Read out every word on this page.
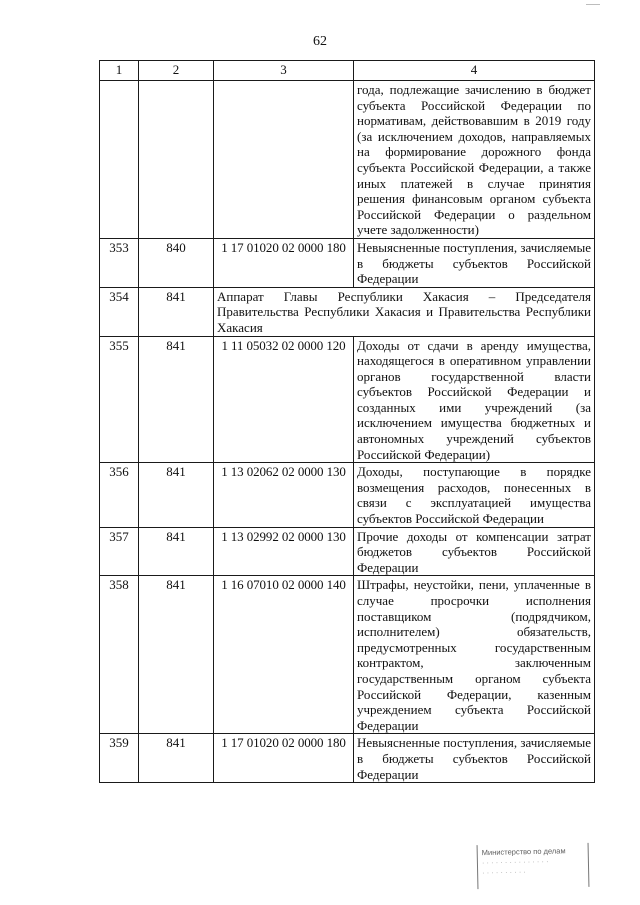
62
1	2	3	4
			года, подлежащие зачислению в бюджет субъекта Российской Федерации по нормативам, действовавшим в 2019 году (за исключением доходов, направляемых на формирование дорожного фонда субъекта Российской Федерации, а также иных платежей в случае принятия решения финансовым органом субъекта Российской Федерации о раздельном учете задолженности)
353	840	1 17 01020 02 0000 180	Невыясненные поступления, зачисляемые в бюджеты субъектов Российской Федерации
354	841	Аппарат Главы Республики Хакасия – Председателя Правительства Республики Хакасия и Правительства Республики Хакасия	
355	841	1 11 05032 02 0000 120	Доходы от сдачи в аренду имущества, находящегося в оперативном управлении органов государственной власти субъектов Российской Федерации и созданных ими учреждений (за исключением имущества бюджетных и автономных учреждений субъектов Российской Федерации)
356	841	1 13 02062 02 0000 130	Доходы, поступающие в порядке возмещения расходов, понесенных в связи с эксплуатацией имущества субъектов Российской Федерации
357	841	1 13 02992 02 0000 130	Прочие доходы от компенсации затрат бюджетов субъектов Российской Федерации
358	841	1 16 07010 02 0000 140	Штрафы, неустойки, пени, уплаченные в случае просрочки исполнения поставщиком (подрядчиком, исполнителем) обязательств, предусмотренных государственным контрактом, заключенным государственным органом субъекта Российской Федерации, казенным учреждением субъекта Российской Федерации
359	841	1 17 01020 02 0000 180	Невыясненные поступления, зачисляемые в бюджеты субъектов Российской Федерации
Министерство по делам
· · · · · · · · · · · · · · ·
· · · · · · · · · ·
